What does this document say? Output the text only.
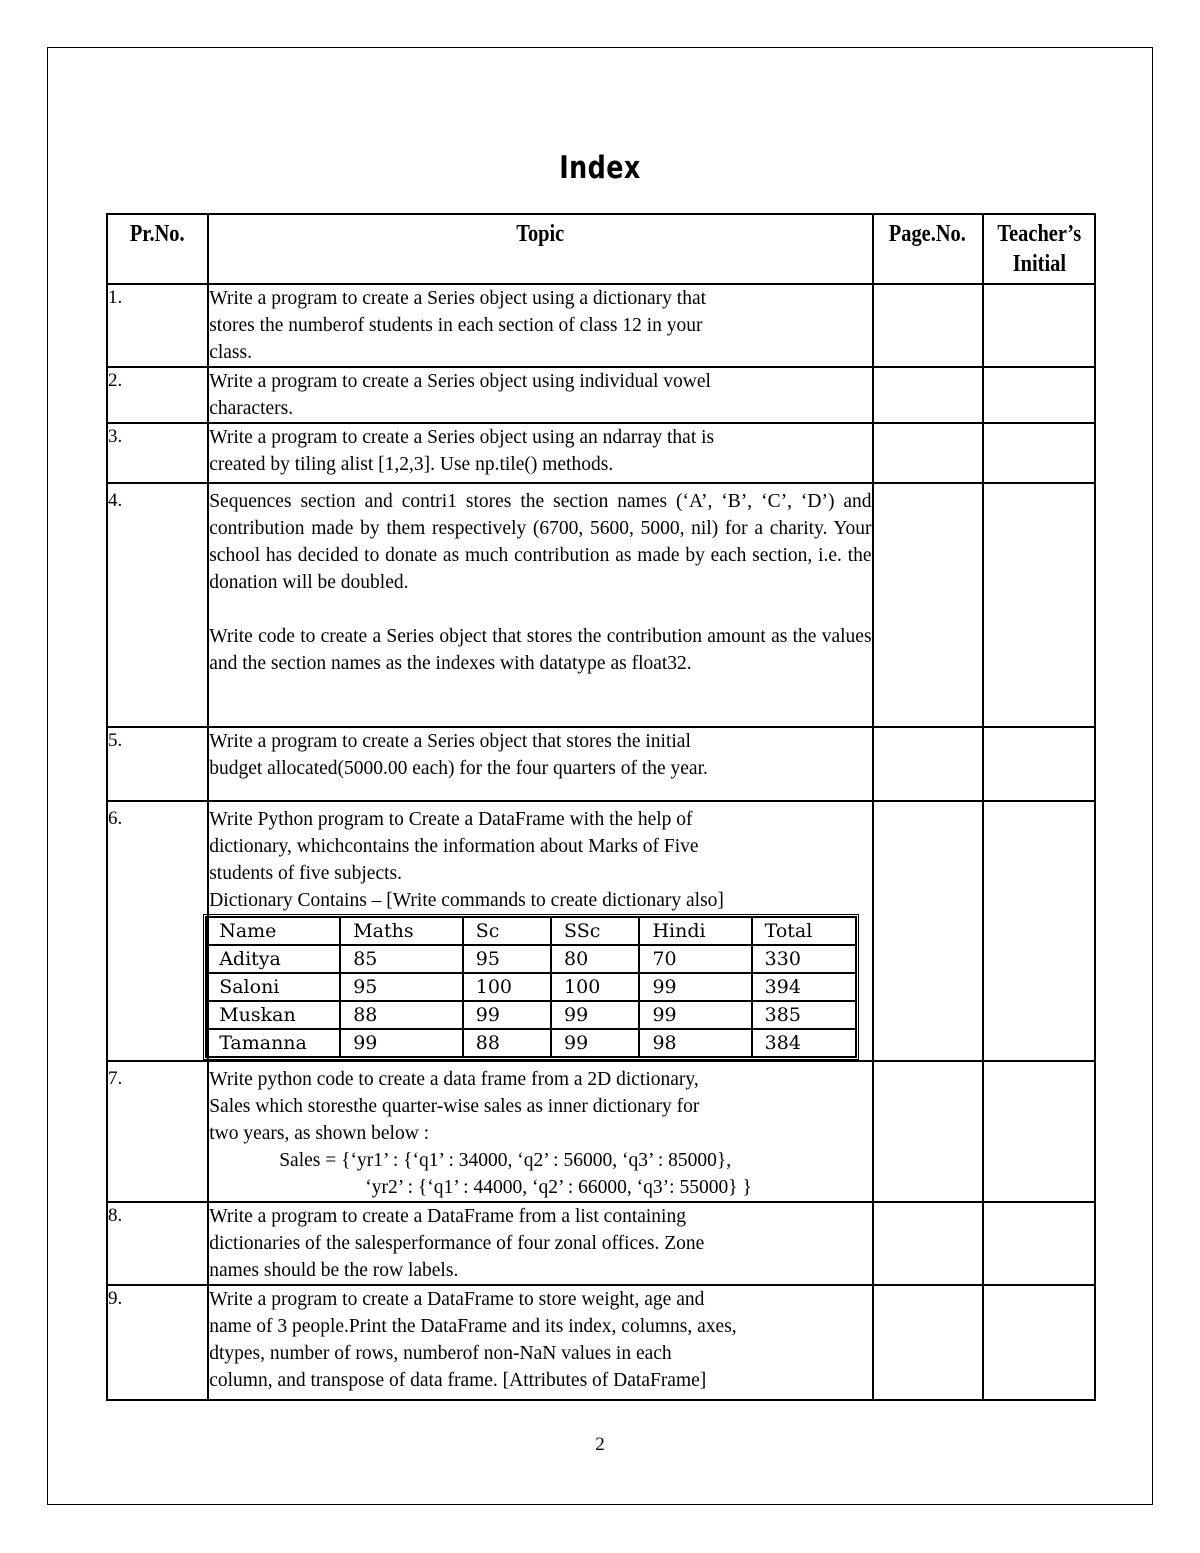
Index
Pr.No.	Topic	Page.No.	Teacher’s
Initial
1.	Write a program to create a Series object using a dictionary that

stores the numberof students in each section of class 12 in your

class.

2.	Write a program to create a Series object using individual vowel

characters.

3.	Write a program to create a Series object using an ndarray that is

created by tiling alist [1,2,3]. Use np.tile() methods.

4.	Sequences section and contri1 stores the section names (‘A’, ‘B’, ‘C’, ‘D’) and contribution made by them respectively (6700, 5600, 5000, nil) for a charity. Your school has decided to donate as much contribution as made by each section, i.e. the donation will be doubled.

Write code to create a Series object that stores the contribution amount as the values and the section names as the indexes with datatype as float32.

5.	Write a program to create a Series object that stores the initial

budget allocated(5000.00 each) for the four quarters of the year.

6.	Write Python program to Create a DataFrame with the help of

dictionary, whichcontains the information about Marks of Five

students of five subjects.

Dictionary Contains – [Write commands to create dictionary also]

Name	Maths	Sc	SSc	Hindi	Total
Aditya	85	95	80	70	330
Saloni	95	100	100	99	394
Muskan	88	99	99	99	385
Tamanna	99	88	99	98	384

7.	Write python code to create a data frame from a 2D dictionary,

Sales which storesthe quarter-wise sales as inner dictionary for

two years, as shown below :

Sales = {‘yr1’ : {‘q1’ : 34000, ‘q2’ : 56000, ‘q3’ : 85000},

‘yr2’ : {‘q1’ : 44000, ‘q2’ : 66000, ‘q3’: 55000} }

8.	Write a program to create a DataFrame from a list containing

dictionaries of the salesperformance of four zonal offices. Zone

names should be the row labels.

9.	Write a program to create a DataFrame to store weight, age and

name of 3 people.Print the DataFrame and its index, columns, axes,

dtypes, number of rows, numberof non-NaN values in each

column, and transpose of data frame. [Attributes of DataFrame]

2
